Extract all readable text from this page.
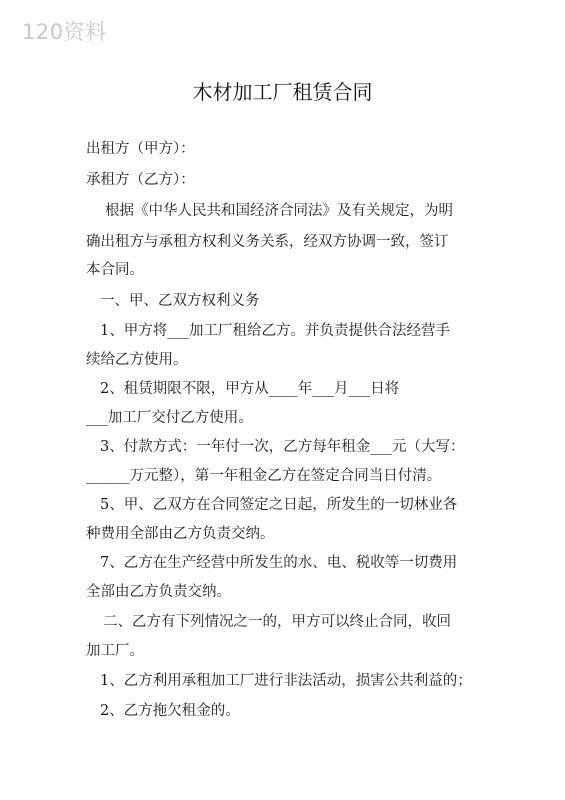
120资料
木材加工厂租赁合同
出租方（甲方）：
承租方（乙方）：
根据《中华人民共和国经济合同法》及有关规定，为明
确出租方与承租方权利义务关系，经双方协调一致，签订
本合同。
一、甲、乙双方权利义务
1、甲方将___加工厂租给乙方。并负责提供合法经营手
续给乙方使用。
2、租赁期限不限，甲方从____年___月___日将
___加工厂交付乙方使用。
3、付款方式：一年付一次，乙方每年租金___元（大写：
______万元整），第一年租金乙方在签定合同当日付清。
5、甲、乙双方在合同签定之日起，所发生的一切林业各
种费用全部由乙方负责交纳。
7、乙方在生产经营中所发生的水、电、税收等一切费用
全部由乙方负责交纳。
二、乙方有下列情况之一的，甲方可以终止合同，收回
加工厂。
1、乙方利用承租加工厂进行非法活动，损害公共利益的；
2、乙方拖欠租金的。
